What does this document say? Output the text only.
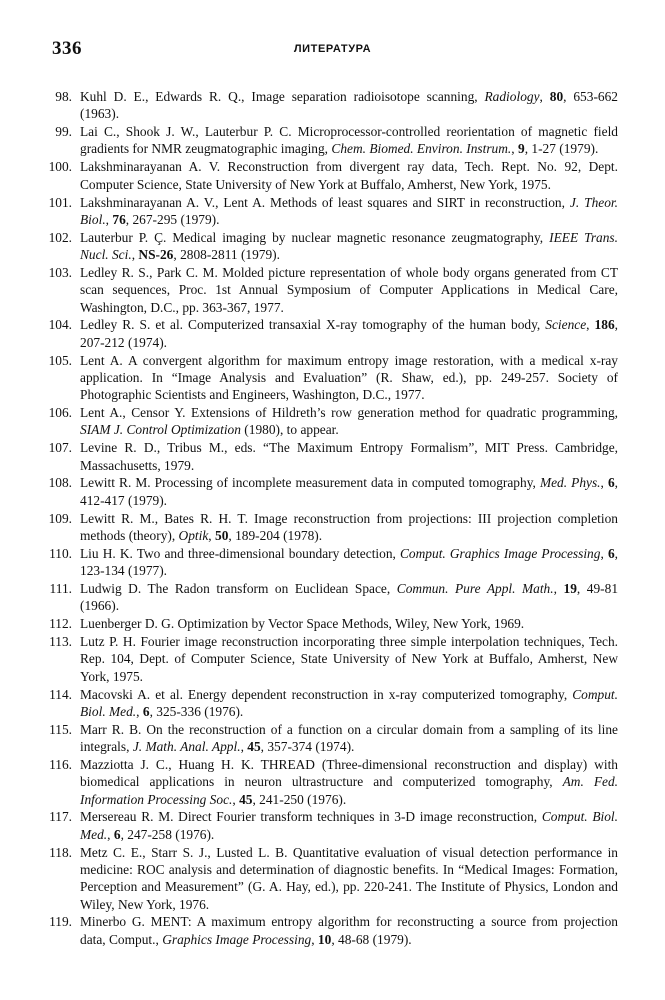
336	ЛИТЕРАТУРА

98. Kuhl D. E., Edwards R. Q., Image separation radioisotope scanning, Radiology, 80, 653-662 (1963).

99. Lai C., Shook J. W., Lauterbur P. C. Microprocessor-controlled reorientation of magnetic field gradients for NMR zeugmatographic imaging, Chem. Biomed. Environ. Instrum., 9, 1-27 (1979).

100. Lakshminarayanan A. V. Reconstruction from divergent ray data, Tech. Rept. No. 92, Dept. Computer Science, State University of New York at Buffalo, Amherst, New York, 1975.

101. Lakshminarayanan A. V., Lent A. Methods of least squares and SIRT in reconstruction, J. Theor. Biol., 76, 267-295 (1979).

102. Lauterbur P. Ç. Medical imaging by nuclear magnetic resonance zeugmatography, IEEE Trans. Nucl. Sci., NS-26, 2808-2811 (1979).

103. Ledley R. S., Park C. M. Molded picture representation of whole body organs generated from CT scan sequences, Proc. 1st Annual Symposium of Computer Applications in Medical Care, Washington, D.C., pp. 363-367, 1977.

104. Ledley R. S. et al. Computerized transaxial X-ray tomography of the human body, Science, 186, 207-212 (1974).

105. Lent A. A convergent algorithm for maximum entropy image restoration, with a medical x-ray application. In “Image Analysis and Evaluation” (R. Shaw, ed.), pp. 249-257. Society of Photographic Scientists and Engineers, Washington, D.C., 1977.

106. Lent A., Censor Y. Extensions of Hildreth’s row generation method for quadratic programming, SIAM J. Control Optimization (1980), to appear.

107. Levine R. D., Tribus M., eds. “The Maximum Entropy Formalism”, MIT Press. Cambridge, Massachusetts, 1979.

108. Lewitt R. M. Processing of incomplete measurement data in computed tomography, Med. Phys., 6, 412-417 (1979).

109. Lewitt R. M., Bates R. H. T. Image reconstruction from projections: III projection completion methods (theory), Optik, 50, 189-204 (1978).

110. Liu H. K. Two and three-dimensional boundary detection, Comput. Graphics Image Processing, 6, 123-134 (1977).

111. Ludwig D. The Radon transform on Euclidean Space, Commun. Pure Appl. Math., 19, 49-81 (1966).

112. Luenberger D. G. Optimization by Vector Space Methods, Wiley, New York, 1969.

113. Lutz P. H. Fourier image reconstruction incorporating three simple interpolation techniques, Tech. Rep. 104, Dept. of Computer Science, State University of New York at Buffalo, Amherst, New York, 1975.

114. Macovski A. et al. Energy dependent reconstruction in x-ray computerized tomography, Comput. Biol. Med., 6, 325-336 (1976).

115. Marr R. B. On the reconstruction of a function on a circular domain from a sampling of its line integrals, J. Math. Anal. Appl., 45, 357-374 (1974).

116. Mazziotta J. C., Huang H. K. THREAD (Three-dimensional reconstruction and display) with biomedical applications in neuron ultrastructure and computerized tomography, Am. Fed. Information Processing Soc., 45, 241-250 (1976).

117. Mersereau R. M. Direct Fourier transform techniques in 3-D image reconstruction, Comput. Biol. Med., 6, 247-258 (1976).

118. Metz C. E., Starr S. J., Lusted L. B. Quantitative evaluation of visual detection performance in medicine: ROC analysis and determination of diagnostic benefits. In “Medical Images: Formation, Perception and Measurement” (G. A. Hay, ed.), pp. 220-241. The Institute of Physics, London and Wiley, New York, 1976.

119. Minerbo G. MENT: A maximum entropy algorithm for reconstructing a source from projection data, Comput., Graphics Image Processing, 10, 48-68 (1979).
